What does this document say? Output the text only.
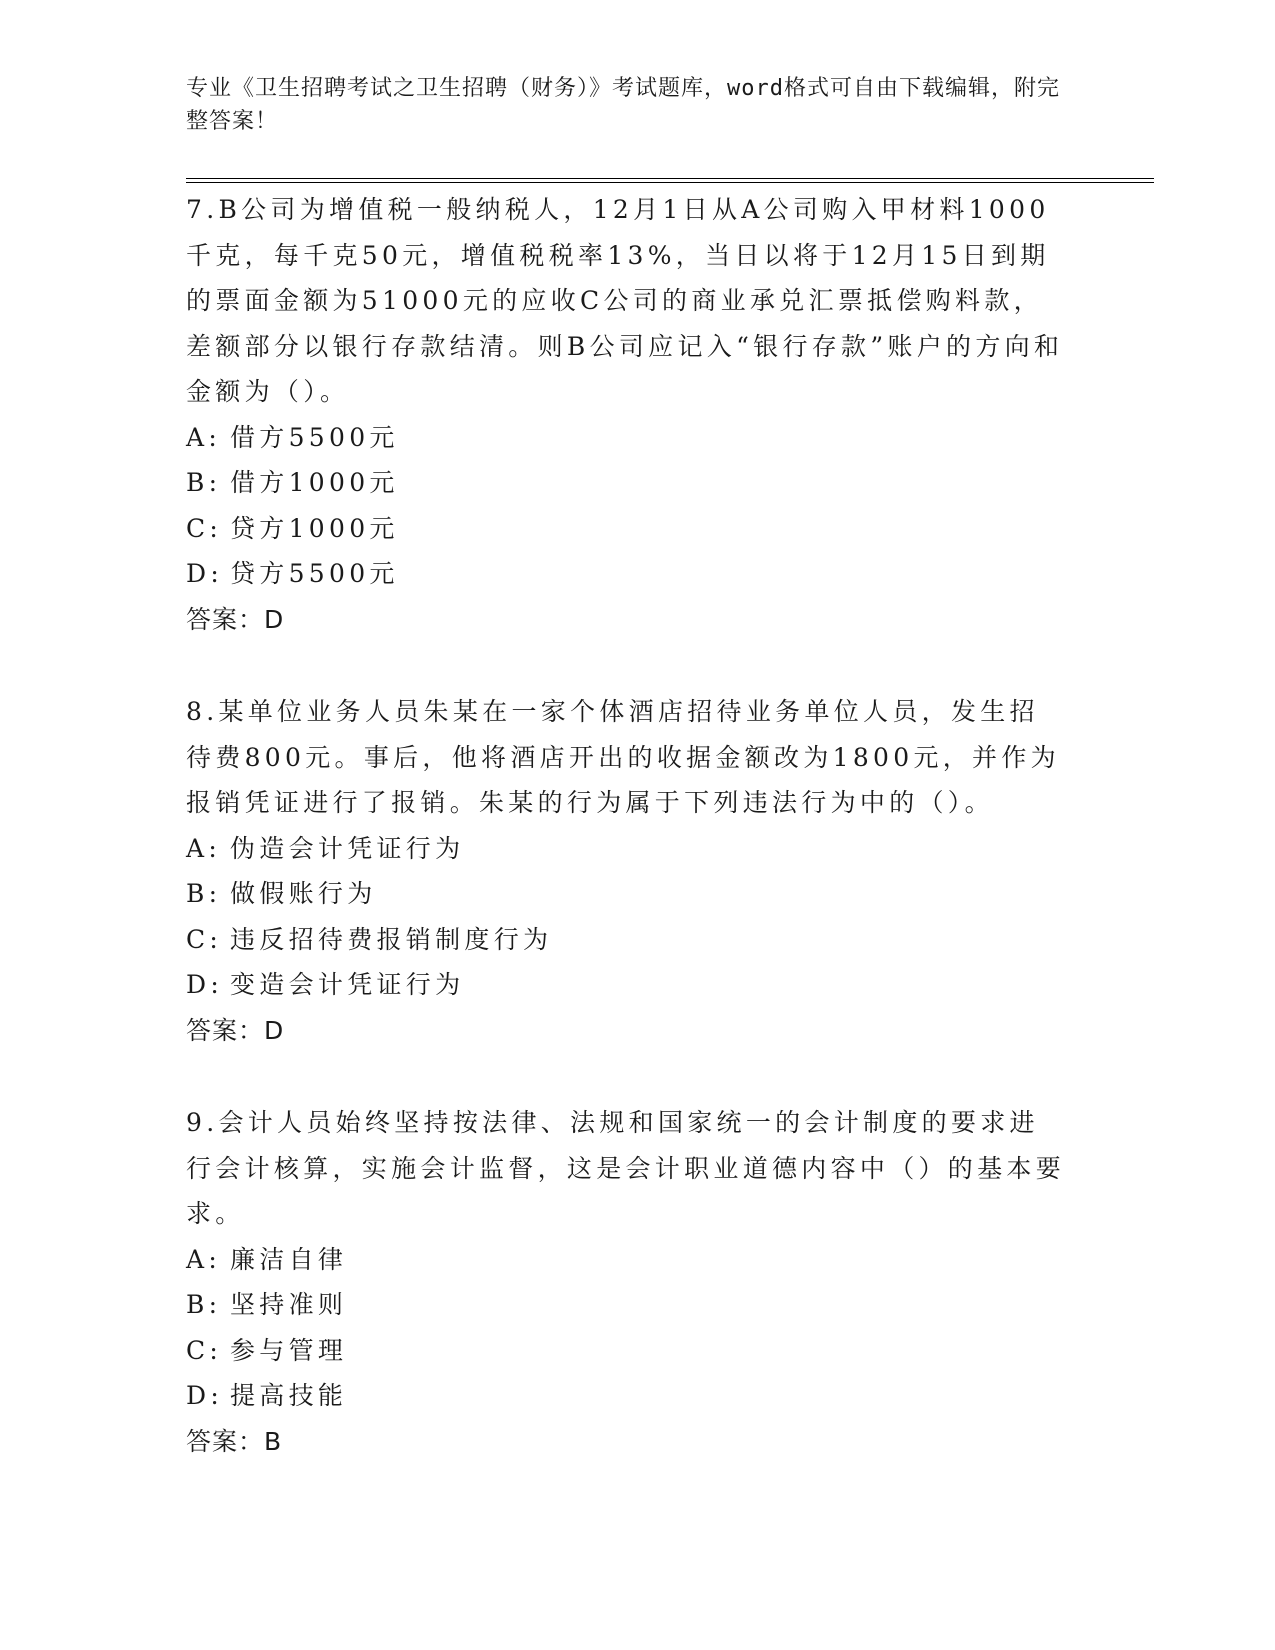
专业《卫生招聘考试之卫生招聘（财务）》考试题库，word格式可自由下载编辑，附完整答案！

7.B公司为增值税一般纳税人，12月1日从A公司购入甲材料1000千克，每千克50元，增值税税率13%，当日以将于12月15日到期的票面金额为51000元的应收C公司的商业承兑汇票抵偿购料款，差额部分以银行存款结清。则B公司应记入“银行存款”账户的方向和金额为（）。

A: 借方5500元
B: 借方1000元
C: 贷方1000元
D: 贷方5500元
答案：D

8.某单位业务人员朱某在一家个体酒店招待业务单位人员，发生招待费800元。事后，他将酒店开出的收据金额改为1800元，并作为报销凭证进行了报销。朱某的行为属于下列违法行为中的（）。

A: 伪造会计凭证行为
B: 做假账行为
C: 违反招待费报销制度行为
D: 变造会计凭证行为
答案：D

9.会计人员始终坚持按法律、法规和国家统一的会计制度的要求进行会计核算，实施会计监督，这是会计职业道德内容中（）的基本要求。

A: 廉洁自律
B: 坚持准则
C: 参与管理
D: 提高技能
答案：B
